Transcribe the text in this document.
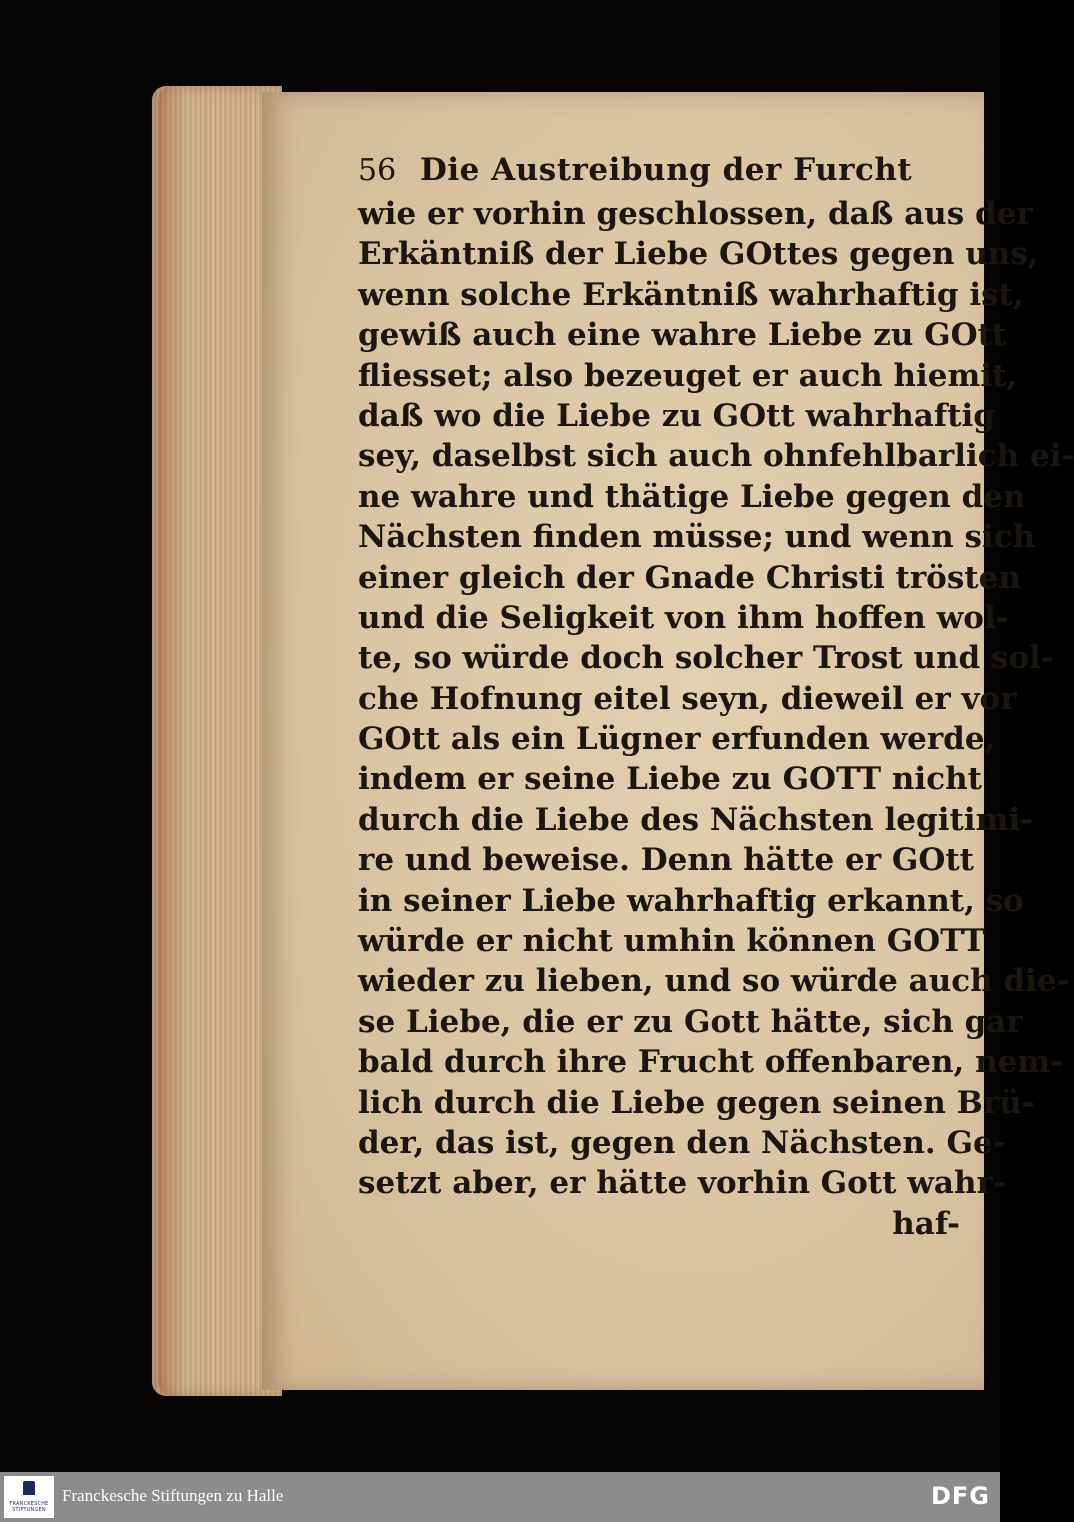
56 Die Austreibung der Furcht
wie er vorhin geschlossen, daß aus der
Erkäntniß der Liebe GOttes gegen uns,
wenn solche Erkäntniß wahrhaftig ist,
gewiß auch eine wahre Liebe zu GOtt
fliesset; also bezeuget er auch hiemit,
daß wo die Liebe zu GOtt wahrhaftig
sey, daselbst sich auch ohnfehlbarlich ei-
ne wahre und thätige Liebe gegen den
Nächsten finden müsse; und wenn sich
einer gleich der Gnade Christi trösten
und die Seligkeit von ihm hoffen wol-
te, so würde doch solcher Trost und sol-
che Hofnung eitel seyn, dieweil er vor
GOtt als ein Lügner erfunden werde,
indem er seine Liebe zu GOTT nicht
durch die Liebe des Nächsten legitimi-
re und beweise. Denn hätte er GOtt
in seiner Liebe wahrhaftig erkannt, so
würde er nicht umhin können GOTT
wieder zu lieben, und so würde auch die-
se Liebe, die er zu Gott hätte, sich gar
bald durch ihre Frucht offenbaren, nem-
lich durch die Liebe gegen seinen Brü-
der, das ist, gegen den Nächsten. Ge-
setzt aber, er hätte vorhin Gott wahr-
haf-
FRANCKESCHE STIFTUNGEN
Franckesche Stiftungen zu Halle	DFG
